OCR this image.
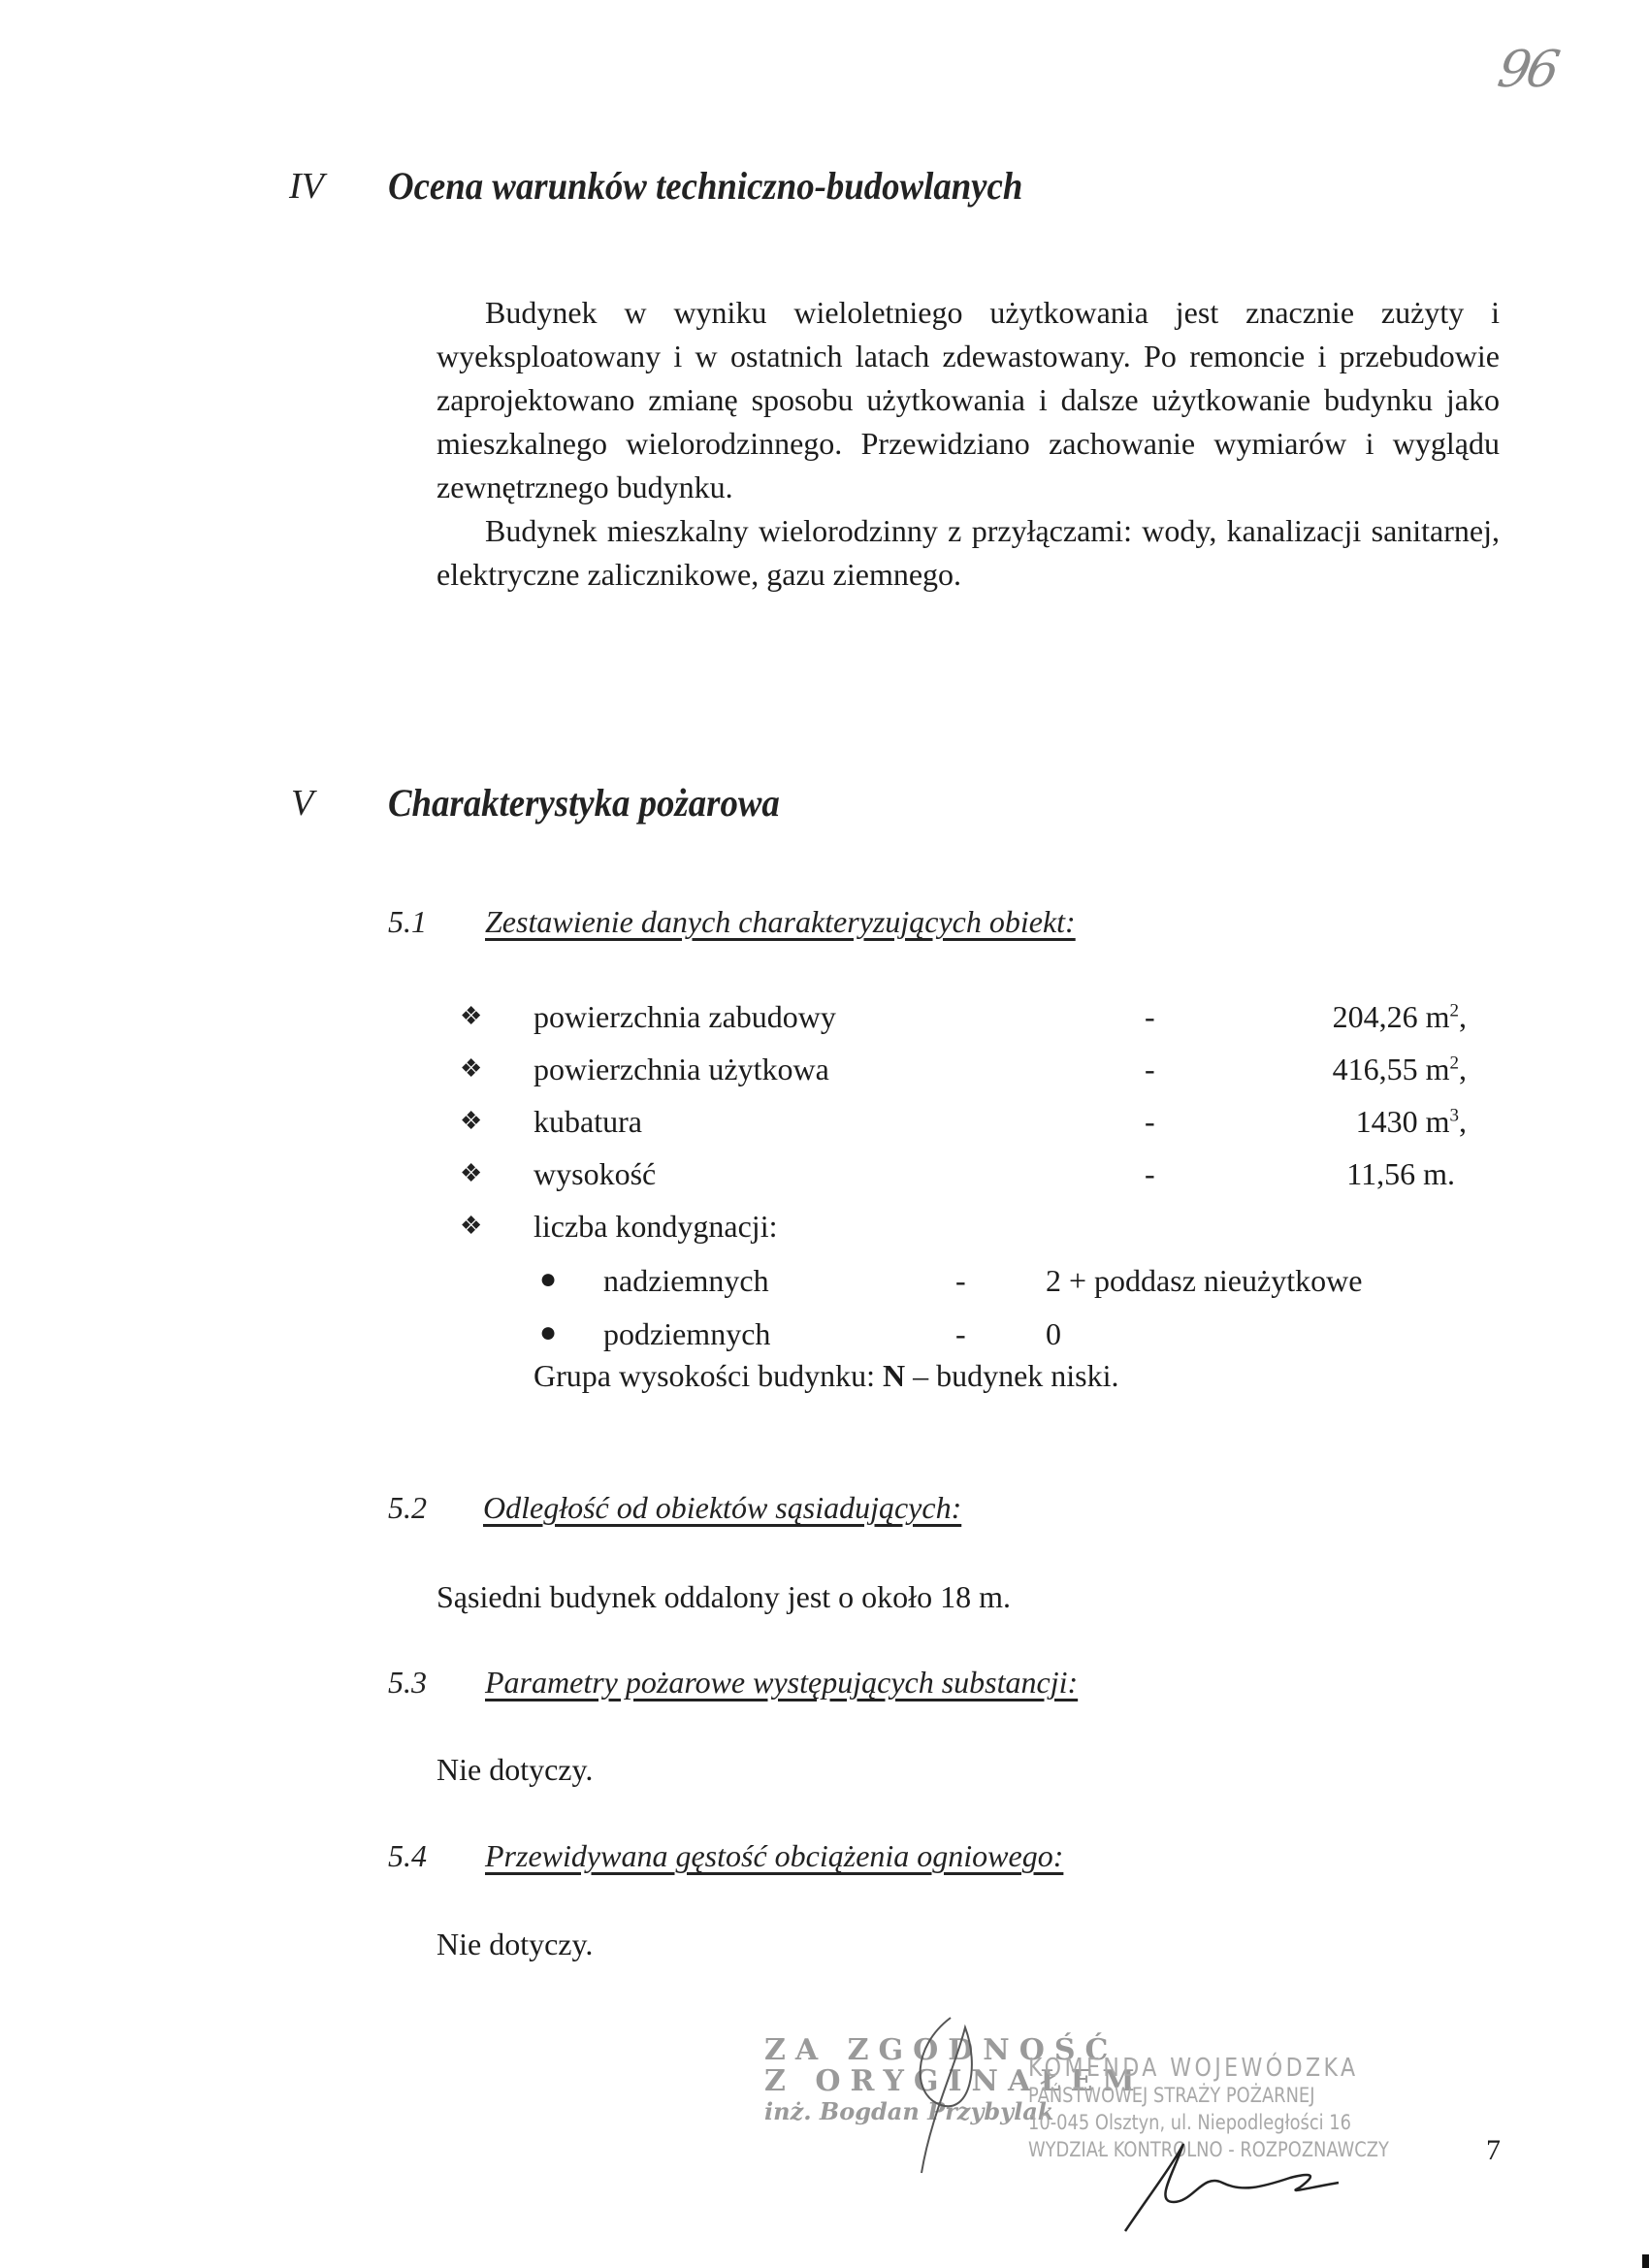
96
IV Ocena warunków techniczno-budowlanych

Budynek w wyniku wieloletniego użytkowania jest znacznie zużyty i wyeksploatowany i w ostatnich latach zdewastowany. Po remoncie i przebudowie zaprojektowano zmianę sposobu użytkowania i dalsze użytkowanie budynku jako mieszkalnego wielorodzinnego. Przewidziano zachowanie wymiarów i wyglądu zewnętrznego budynku.

Budynek mieszkalny wielorodzinny z przyłączami: wody, kanalizacji sanitarnej, elektryczne zalicznikowe, gazu ziemnego.

V Charakterystyka pożarowa
5.1 Zestawienie danych charakteryzujących obiekt:
❖ powierzchnia zabudowy	-	204,26 $m^2$,
❖ powierzchnia użytkowa	-	416,55 $m^2$,
❖ kubatura	-	1430 $m^3$,
❖ wysokość	-	11,56 m.
❖ liczba kondygnacji:
● nadziemnych	-	2 + poddasz nieużytkowe
● podziemnych	-	0
Grupa wysokości budynku: N – budynek niski.
5.2 Odległość od obiektów sąsiadujących:
Sąsiedni budynek oddalony jest o około 18 m.
5.3 Parametry pożarowe występujących substancji:
Nie dotyczy.
5.4 Przewidywana gęstość obciążenia ogniowego:
Nie dotyczy.
ZA ZGODNOŚĆ
Z ORYGINAŁEM
inż. Bogdan Przybylak
KOMENDA WOJEWÓDZKA
PAŃSTWOWEJ STRAŻY POŻARNEJ
10-045 Olsztyn, ul. Niepodległości 16
WYDZIAŁ KONTROLNO - ROZPOZNAWCZY	7
